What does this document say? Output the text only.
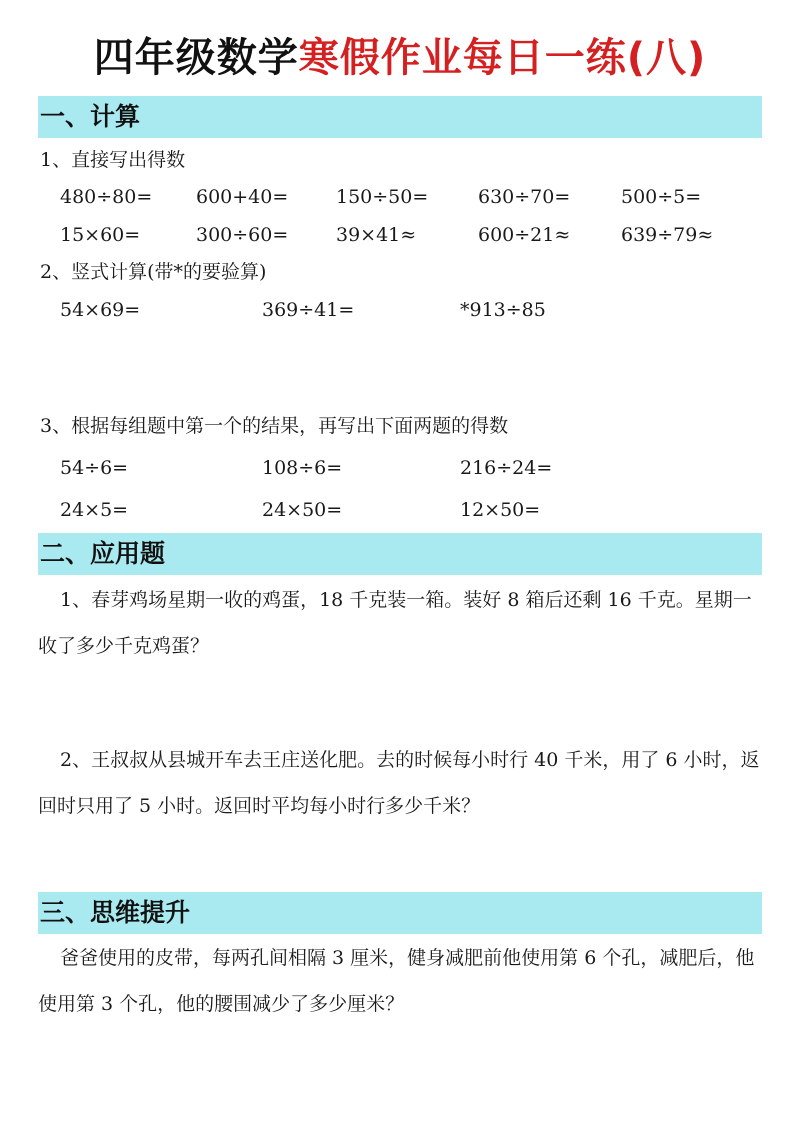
四年级数学寒假作业每日一练(八)
一、计算
1、直接写出得数
480÷80= 600+40=	150÷50=	630÷70=	500÷5=
15×60=	300÷60=	39×41≈	600÷21≈	639÷79≈
2、竖式计算(带*的要验算)
54×69=	369÷41=	*913÷85
3、根据每组题中第一个的结果，再写出下面两题的得数
54÷6=	108÷6=	216÷24=
24×5=	24×50=	12×50=
二、应用题
1、春芽鸡场星期一收的鸡蛋，18 千克装一箱。装好 8 箱后还剩 16 千克。星期一收了多少千克鸡蛋？
2、王叔叔从县城开车去王庄送化肥。去的时候每小时行 40 千米，用了 6 小时，返回时只用了 5 小时。返回时平均每小时行多少千米？
三、思维提升
爸爸使用的皮带，每两孔间相隔 3 厘米，健身减肥前他使用第 6 个孔，减肥后，他使用第 3 个孔，他的腰围减少了多少厘米？
